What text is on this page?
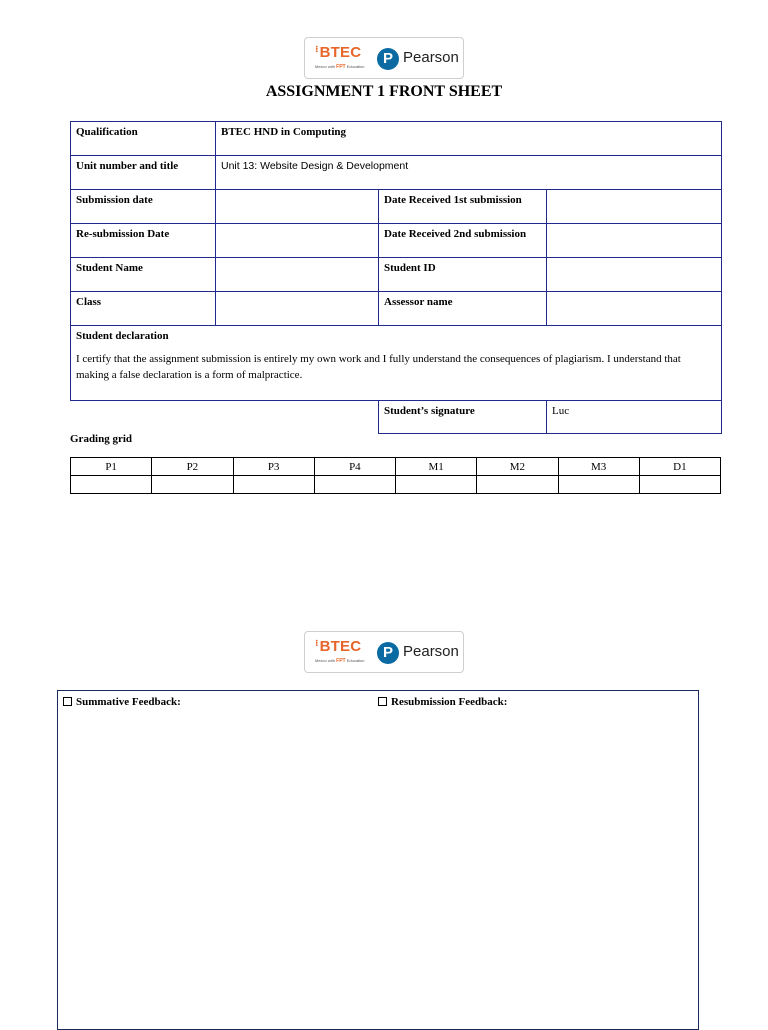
⁝BTEC
Mexco with FPT Education	P Pearson
ASSIGNMENT 1 FRONT SHEET
Qualification	BTEC HND in Computing		
Unit number and title	Unit 13: Website Design & Development		
Submission date		Date Received 1st submission	
Re-submission Date		Date Received 2nd submission	
Student Name		Student ID	
Class		Assessor name	

Student declaration
I certify that the assignment submission is entirely my own work and I fully understand the consequences of plagiarism. I understand that making a false declaration is a form of malpractice.			

		Student’s signature	Luc
Grading grid
P1	P2	P3	P4	M1	M2	M3	D1

⁝BTEC
Mexco with FPT Education	P Pearson
Summative Feedback:	Resubmission Feedback:
